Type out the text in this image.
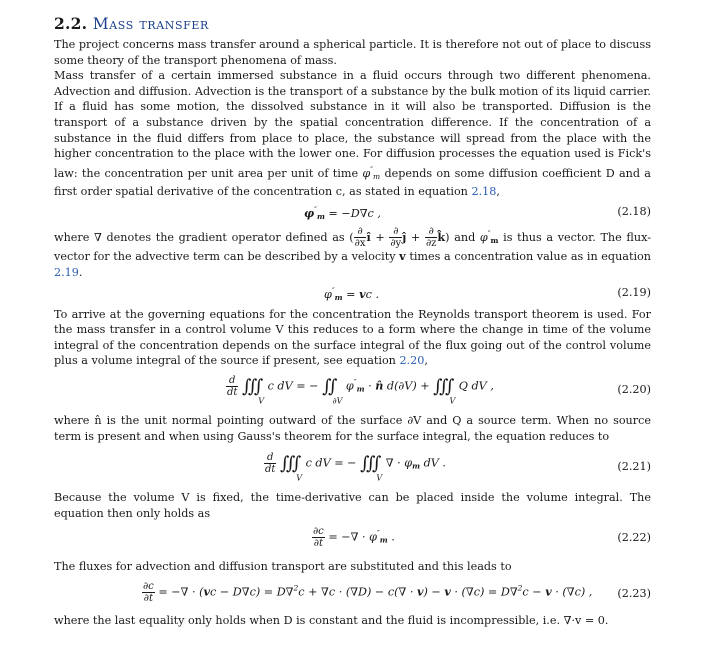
2.2. Mass transfer

The project concerns mass transfer around a spherical particle. It is therefore not out of place to discuss some theory of the transport phenomena of mass.

Mass transfer of a certain immersed substance in a fluid occurs through two different phenomena. Advection and diffusion. Advection is the transport of a substance by the bulk motion of its liquid carrier. If a fluid has some motion, the dissolved substance in it will also be transported. Diffusion is the transport of a substance driven by the spatial concentration difference. If the concentration of a substance in the fluid differs from place to place, the substance will spread from the place with the higher concentration to the place with the lower one. For diffusion processes the equation used is Fick's law: the concentration per unit area per unit of time $\varphi''_m$ depends on some diffusion coefficient D and a first order spatial derivative of the concentration c, as stated in equation 2.18,

$\varphi''_m = -D\nabla c$ ,	(2.18)

where ∇ denotes the gradient operator defined as ( $\frac{\partial}{\partial x}$ î + $\frac{\partial}{\partial y}$ ĵ + $\frac{\partial}{\partial z}$ k̂) and $\varphi''_m$ is thus a vector. The flux-vector for the advective term can be described by a velocity v times a concentration value as in equation 2.19.

$\varphi''_m$ = vc .	(2.19)

To arrive at the governing equations for the concentration the Reynolds transport theorem is used. For the mass transfer in a control volume V this reduces to a form where the change in time of the volume integral of the concentration depends on the surface integral of the flux going out of the control volume plus a volume integral of the source if present, see equation 2.20,

$\frac{d}{dt}$ $∭_V$ c dV = − $∬_{\partial V}$ $\varphi''_m$ · n̂ $d(\partial V) + ∭_V$ Q dV ,	(2.20)

where n̂ is the unit normal pointing outward of the surface ∂V and Q a source term. When no source term is present and when using Gauss's theorem for the surface integral, the equation reduces to

$\frac{d}{dt}$ $∭_V$ c dV = − $∭_V$ ∇ · $\varphi_m$ dV .	(2.21)

Because the volume V is fixed, the time-derivative can be placed inside the volume integral. The equation then only holds as

$\frac{\partial c}{\partial t}$ = −∇ · $\varphi''_m$ .	(2.22)

The fluxes for advection and diffusion transport are substituted and this leads to

$\frac{\partial c}{\partial t}$ = −∇ · (vc − D∇c) = D∇$^2$c + ∇c · (∇D) − c(∇ · v) − v · (∇c) = D∇$^2$c − v · (∇c) , (2.23)

where the last equality only holds when D is constant and the fluid is incompressible, i.e. ∇·v = 0.
